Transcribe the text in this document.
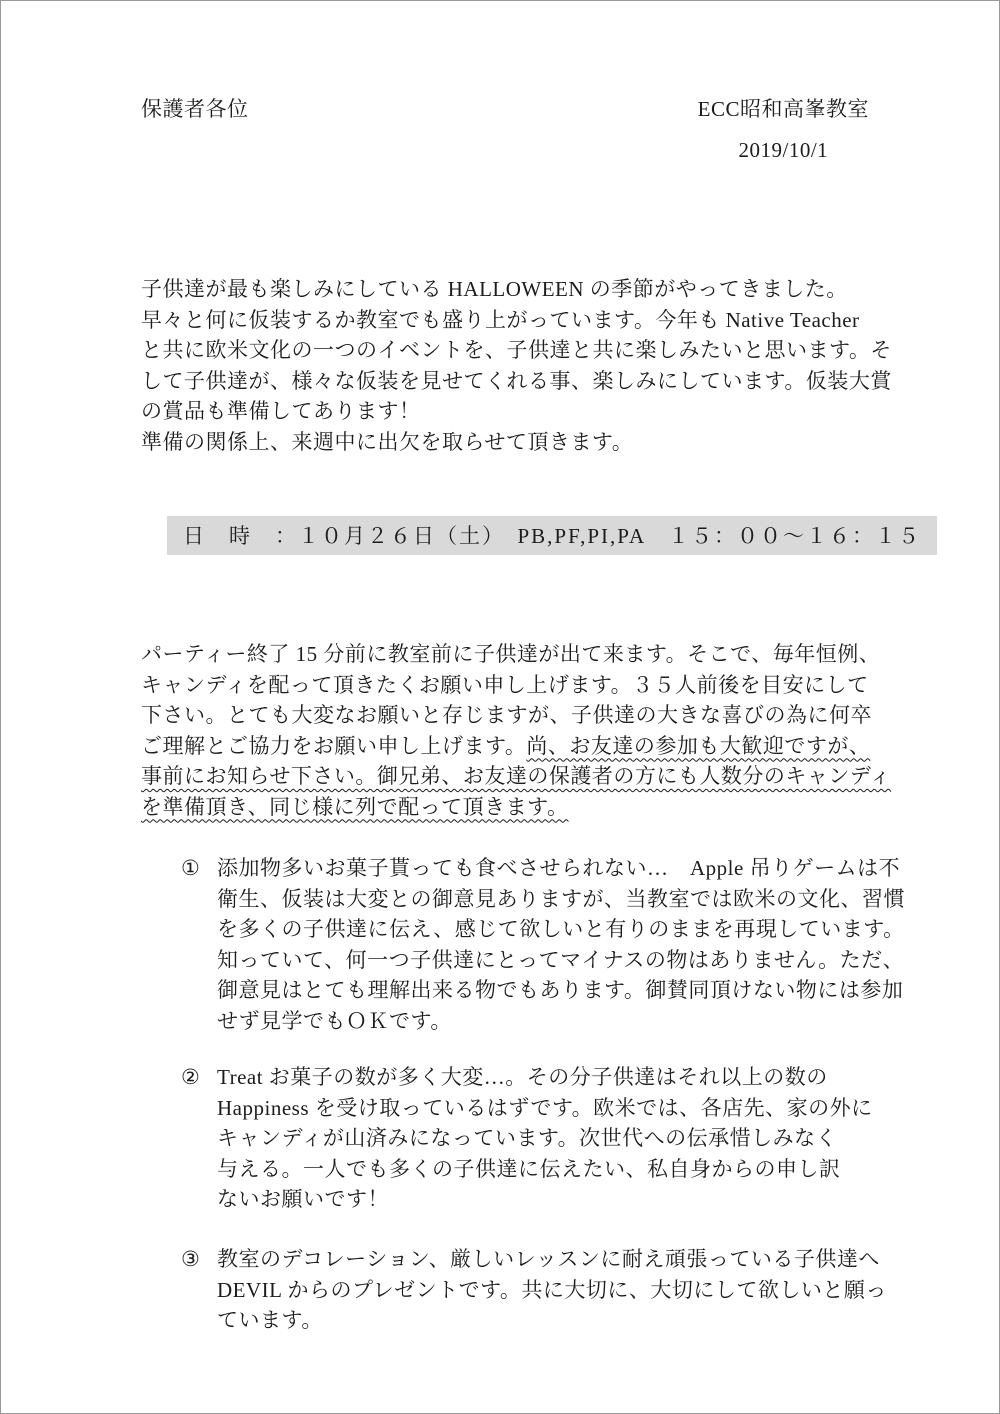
保護者各位	ECC昭和高峯教室
2019/10/1
子供達が最も楽しみにしている HALLOWEEN の季節がやってきました。
早々と何に仮装するか教室でも盛り上がっています。今年も Native Teacher
と共に欧米文化の一つのイベントを、子供達と共に楽しみたいと思います。そ
して子供達が、様々な仮装を見せてくれる事、楽しみにしています。仮装大賞
の賞品も準備してあります！
準備の関係上、来週中に出欠を取らせて頂きます。
日　時　：１０月２６日（土）　PB,PF,PI,PA　１５：００～１６：１５
パーティー終了 15 分前に教室前に子供達が出て来ます。そこで、毎年恒例、
キャンディを配って頂きたくお願い申し上げます。３５人前後を目安にして
下さい。とても大変なお願いと存じますが、子供達の大きな喜びの為に何卒
ご理解とご協力をお願い申し上げます。尚、お友達の参加も大歓迎ですが、
事前にお知らせ下さい。御兄弟、お友達の保護者の方にも人数分のキャンディ
を準備頂き、同じ様に列で配って頂きます。
① 添加物多いお菓子貰っても食べさせられない…　Apple 吊りゲームは不
衛生、仮装は大変との御意見ありますが、当教室では欧米の文化、習慣
を多くの子供達に伝え、感じて欲しいと有りのままを再現しています。
知っていて、何一つ子供達にとってマイナスの物はありません。ただ、
御意見はとても理解出来る物でもあります。御賛同頂けない物には参加
せず見学でもＯＫです。
② Treat お菓子の数が多く大変…。その分子供達はそれ以上の数の
Happiness を受け取っているはずです。欧米では、各店先、家の外に
キャンディが山済みになっています。次世代への伝承惜しみなく
与える。一人でも多くの子供達に伝えたい、私自身からの申し訳
ないお願いです！
③ 教室のデコレーション、厳しいレッスンに耐え頑張っている子供達へ
DEVIL からのプレゼントです。共に大切に、大切にして欲しいと願っ
ています。
